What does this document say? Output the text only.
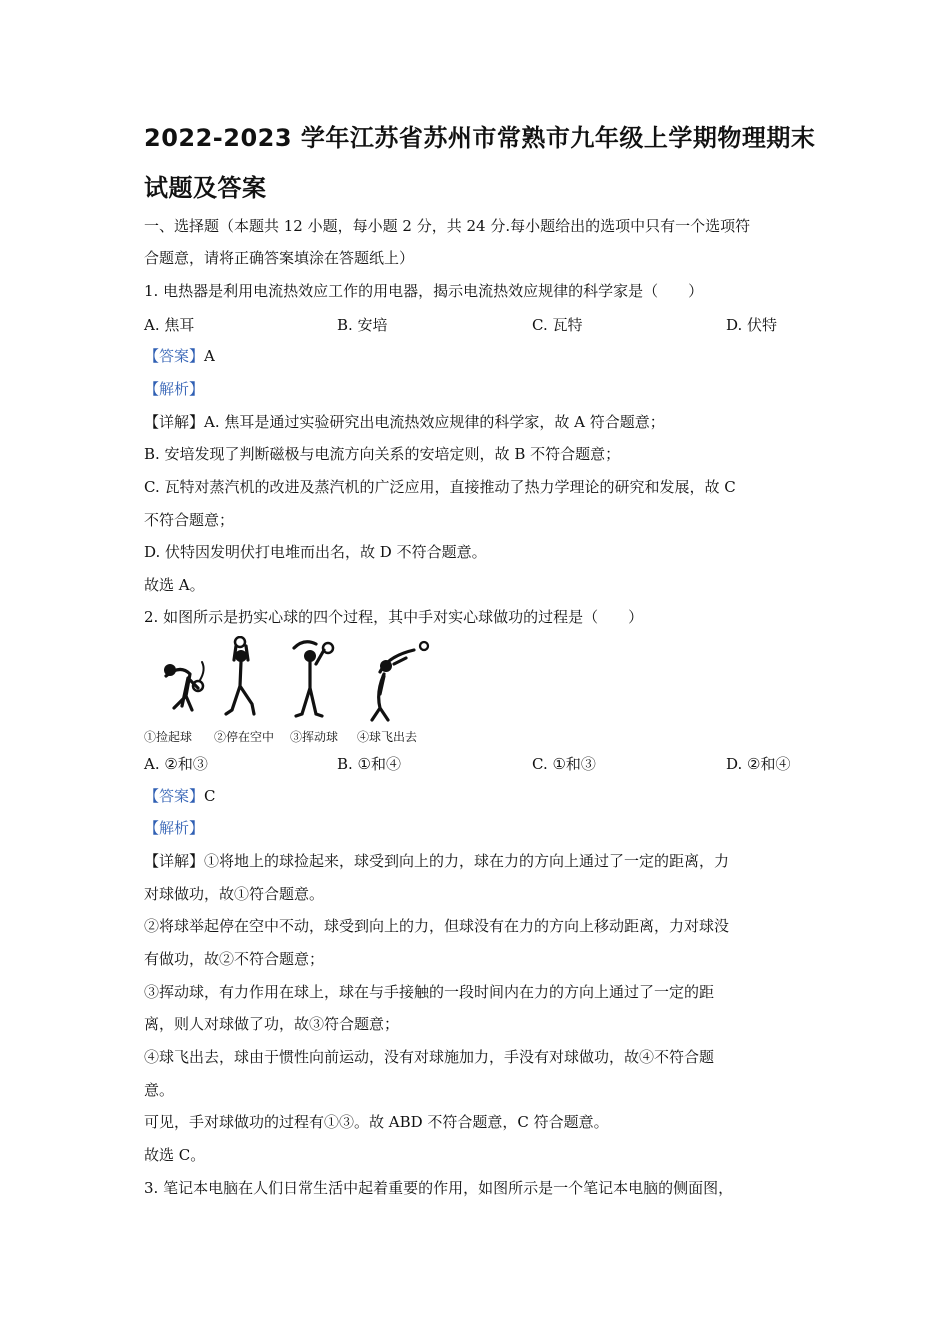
2022-2023 学年江苏省苏州市常熟市九年级上学期物理期末
试题及答案
一、选择题（本题共 12 小题，每小题 2 分，共 24 分.每小题给出的选项中只有一个选项符
合题意，请将正确答案填涂在答题纸上）
1. 电热器是利用电流热效应工作的用电器，揭示电流热效应规律的科学家是（　　）
A. 焦耳	B. 安培	C. 瓦特	D. 伏特
【答案】A
【解析】
【详解】A. 焦耳是通过实验研究出电流热效应规律的科学家，故 A 符合题意；
B. 安培发现了判断磁极与电流方向关系的安培定则，故 B 不符合题意；
C. 瓦特对蒸汽机的改进及蒸汽机的广泛应用，直接推动了热力学理论的研究和发展，故 C
不符合题意；
D. 伏特因发明伏打电堆而出名，故 D 不符合题意。
故选 A。
2. 如图所示是扔实心球的四个过程，其中手对实心球做功的过程是（　　）
①捡起球 ②停在空中 ③挥动球 ④球飞出去
A. ②和③	B. ①和④	C. ①和③	D. ②和④
【答案】C
【解析】
【详解】①将地上的球捡起来，球受到向上的力，球在力的方向上通过了一定的距离，力
对球做功，故①符合题意。
②将球举起停在空中不动，球受到向上的力，但球没有在力的方向上移动距离，力对球没
有做功，故②不符合题意；
③挥动球，有力作用在球上，球在与手接触的一段时间内在力的方向上通过了一定的距
离，则人对球做了功，故③符合题意；
④球飞出去，球由于惯性向前运动，没有对球施加力，手没有对球做功，故④不符合题
意。
可见，手对球做功的过程有①③。故 ABD 不符合题意，C 符合题意。
故选 C。
3. 笔记本电脑在人们日常生活中起着重要的作用，如图所示是一个笔记本电脑的侧面图，
